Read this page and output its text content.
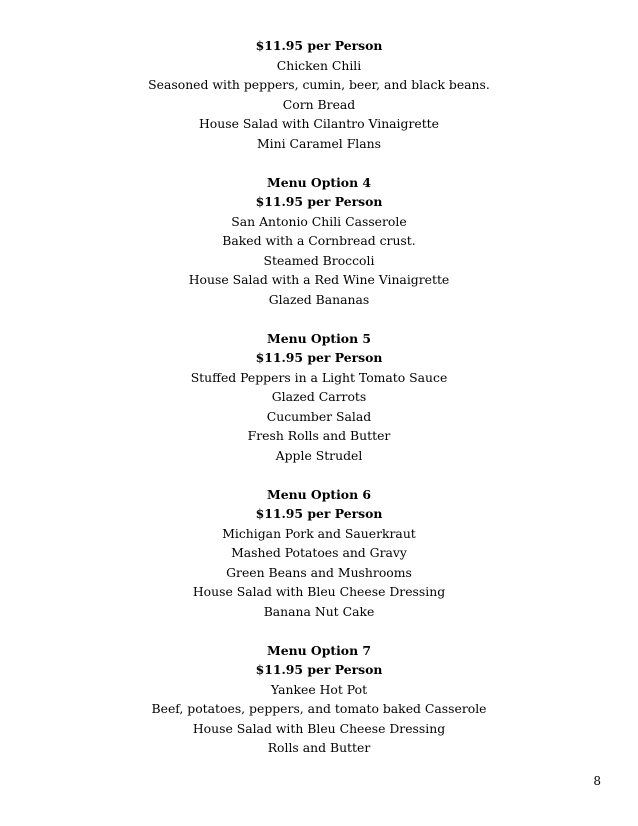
$11.95 per Person
Chicken Chili
Seasoned with peppers, cumin, beer, and black beans.
Corn Bread
House Salad with Cilantro Vinaigrette
Mini Caramel Flans
Menu Option 4
$11.95 per Person
San Antonio Chili Casserole
Baked with a Cornbread crust.
Steamed Broccoli
House Salad with a Red Wine Vinaigrette
Glazed Bananas
Menu Option 5
$11.95 per Person
Stuffed Peppers in a Light Tomato Sauce
Glazed Carrots
Cucumber Salad
Fresh Rolls and Butter
Apple Strudel
Menu Option 6
$11.95 per Person
Michigan Pork and Sauerkraut
Mashed Potatoes and Gravy
Green Beans and Mushrooms
House Salad with Bleu Cheese Dressing
Banana Nut Cake
Menu Option 7
$11.95 per Person
Yankee Hot Pot
Beef, potatoes, peppers, and tomato baked Casserole
House Salad with Bleu Cheese Dressing
Rolls and Butter
8
